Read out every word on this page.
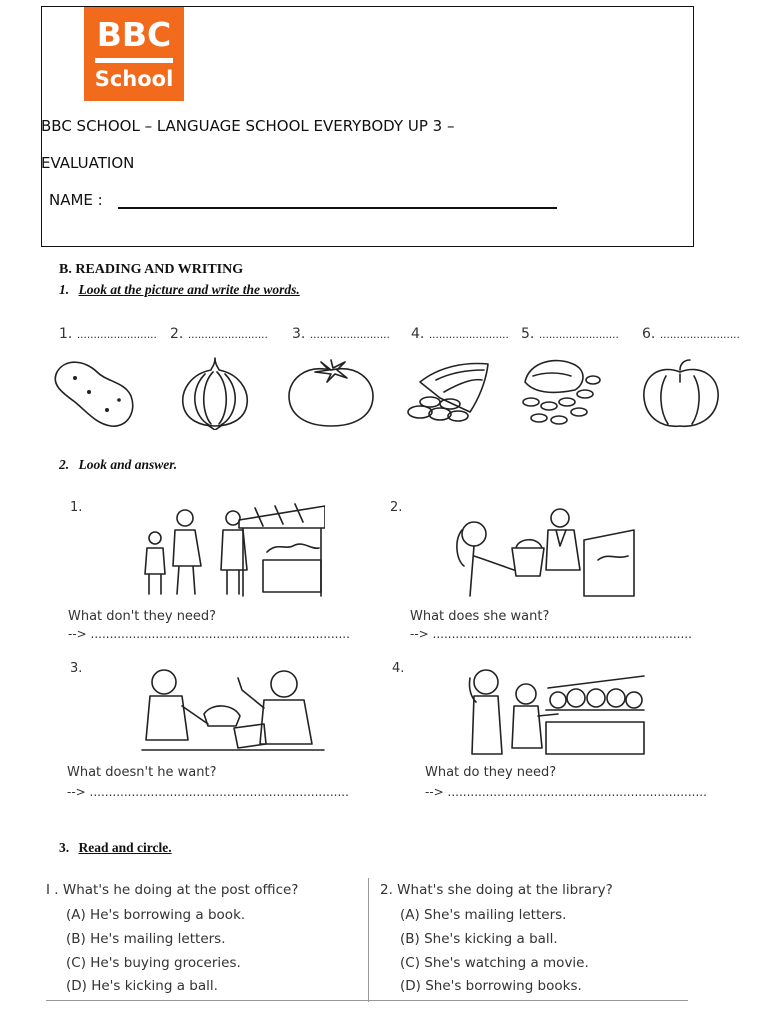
BBC
School
BBC SCHOOL – LANGUAGE SCHOOL EVERYBODY UP 3 –
EVALUATION
NAME :
B. READING AND WRITING
1. Look at the picture and write the words.
1. ........................ 2. ........................ 3. ........................ 4. ........................ 5. ........................ 6. ........................
2. Look and answer.
1.	2.
What don't they need?	What does she want?
--> ....................................................................	--> ....................................................................
3.	4.
What doesn't he want?	What do they need?
--> ....................................................................	--> ....................................................................
3. Read and circle.
I . What's he doing at the post office?
(A) He's borrowing a book.
(B) He's mailing letters.
(C) He's buying groceries.
(D) He's kicking a ball.
2. What's she doing at the library?
(A) She's mailing letters.
(B) She's kicking a ball.
(C) She's watching a movie.
(D) She's borrowing books.
